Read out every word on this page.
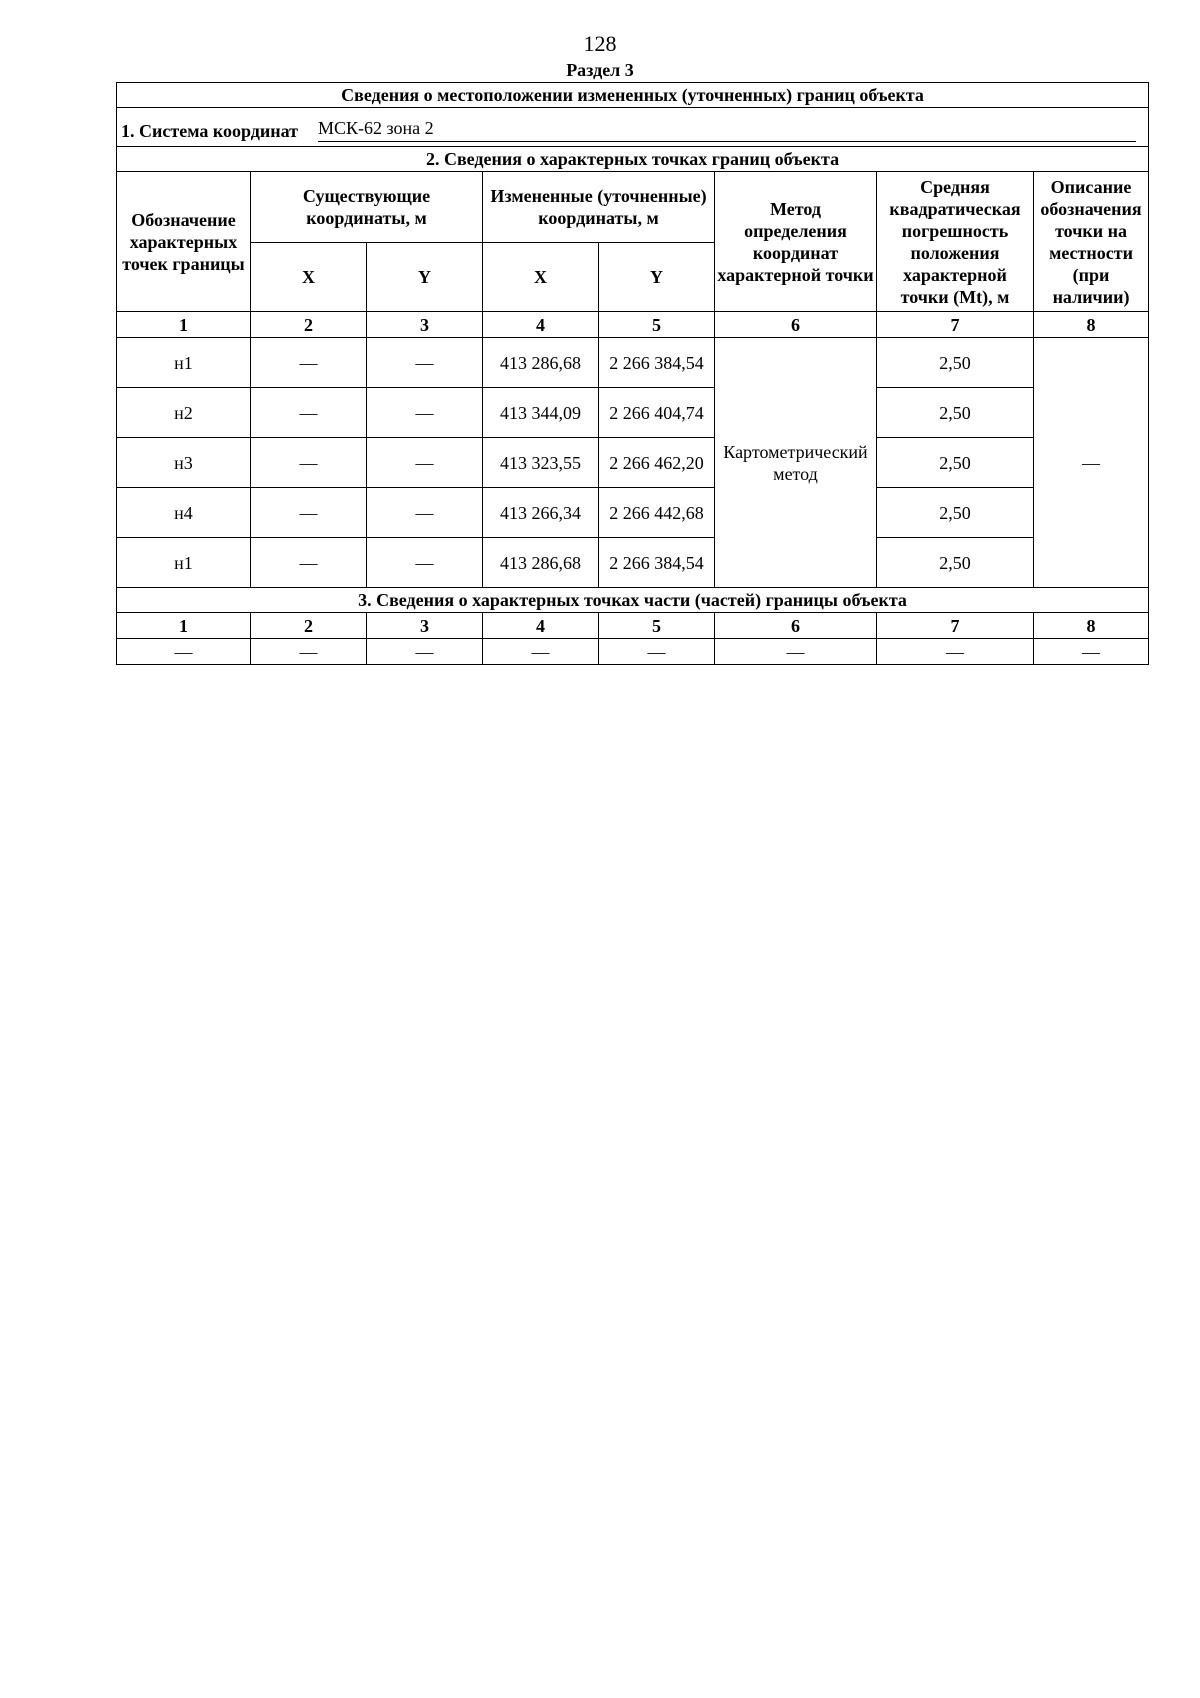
128
Раздел 3
Сведения о местоположении измененных (уточненных) границ объекта							

1. Система координат МСК-62 зона 2							

2. Сведения о характерных точках границ объекта							
Обозначение характерных точек границы	Существующие координаты, м		Измененные (уточненные) координаты, м		Метод определения координат характерной точки	Средняя квадратическая погрешность положения характерной точки (Mt), м	Описание обозначения точки на местности (при наличии)
	X	Y	X	Y			
1	2	3	4	5	6	7	8
н1	—	—	413 286,68	2 266 384,54	Картометрический метод	2,50	—
н2	—	—	413 344,09	2 266 404,74		2,50	
н3	—	—	413 323,55	2 266 462,20		2,50	
н4	—	—	413 266,34	2 266 442,68		2,50	
н1	—	—	413 286,68	2 266 384,54		2,50	
3. Сведения о характерных точках части (частей) границы объекта							
1	2	3	4	5	6	7	8
—	—	—	—	—	—	—	—
